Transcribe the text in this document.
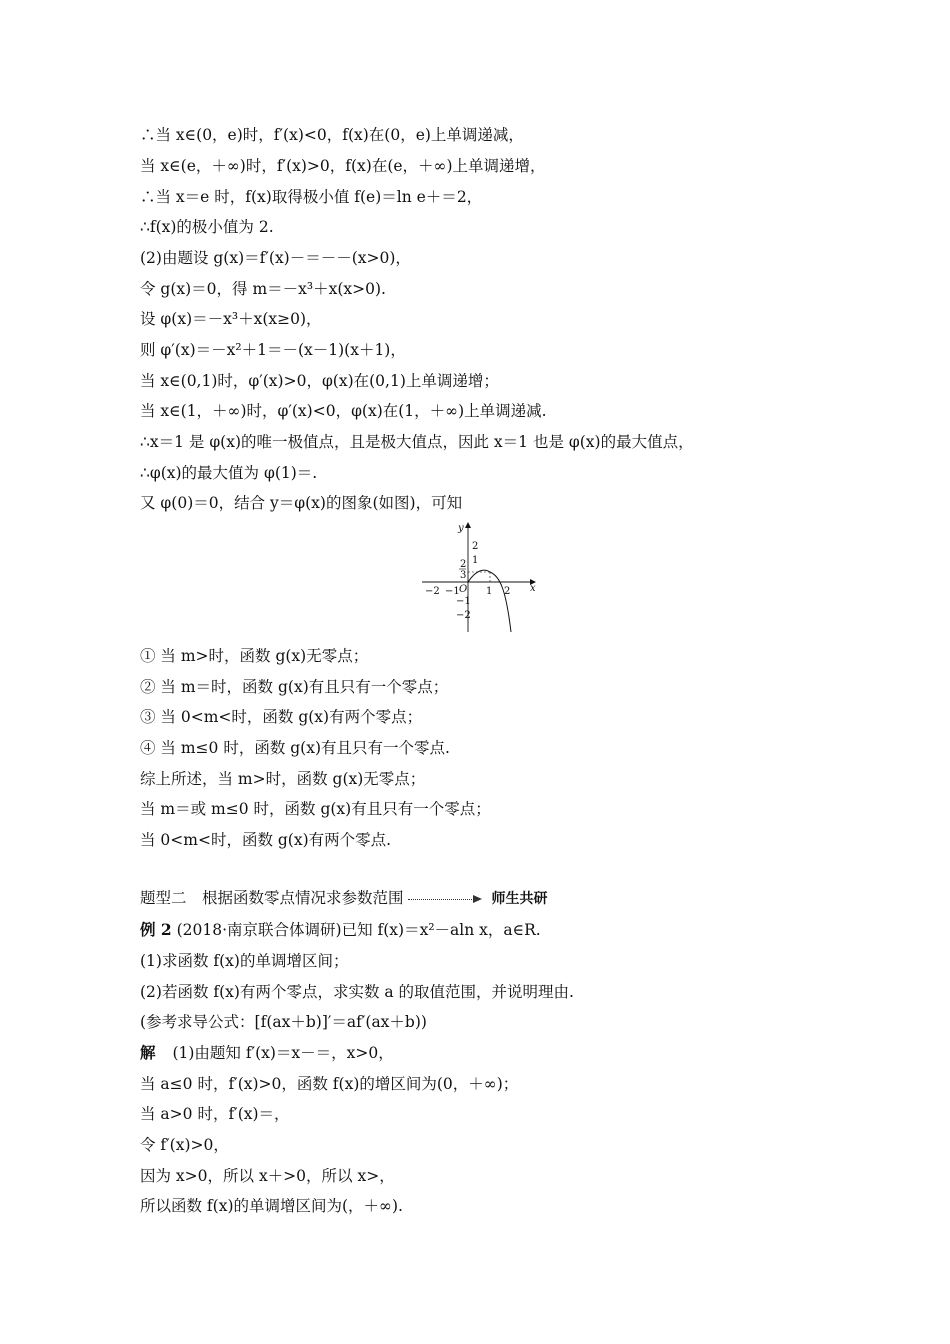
∴当 x∈(0，e)时，f′(x)<0，f(x)在(0，e)上单调递减，
当 x∈(e，＋∞)时，f′(x)>0，f(x)在(e，＋∞)上单调递增，
∴当 x＝e 时，f(x)取得极小值 f(e)＝ln e＋＝2，
∴f(x)的极小值为 2.
(2)由题设 g(x)＝f′(x)－＝－－(x>0)，
令 g(x)＝0，得 m＝－x³＋x(x>0).
设 φ(x)＝－x³＋x(x≥0)，
则 φ′(x)＝－x²＋1＝－(x－1)(x＋1)，
当 x∈(0,1)时，φ′(x)>0，φ(x)在(0,1)上单调递增；
当 x∈(1，＋∞)时，φ′(x)<0，φ(x)在(1，＋∞)上单调递减.
∴x＝1 是 φ(x)的唯一极值点，且是极大值点，因此 x＝1 也是 φ(x)的最大值点，
∴φ(x)的最大值为 φ(1)＝.
又 φ(0)＝0，结合 y＝φ(x)的图象(如图)，可知
y
x
O
−2 −1	1 2
2
1
−1
−2
2
3
① 当 m>时，函数 g(x)无零点；
② 当 m＝时，函数 g(x)有且只有一个零点；
③ 当 0<m<时，函数 g(x)有两个零点；
④ 当 m≤0 时，函数 g(x)有且只有一个零点.
综上所述，当 m>时，函数 g(x)无零点；
当 m＝或 m≤0 时，函数 g(x)有且只有一个零点；
当 0<m<时，函数 g(x)有两个零点.
题型二　根据函数零点情况求参数范围	师生共研
例 2 (2018·南京联合体调研)已知 f(x)＝x²－aln x，a∈R.
(1)求函数 f(x)的单调增区间；
(2)若函数 f(x)有两个零点，求实数 a 的取值范围，并说明理由.
(参考求导公式：[f(ax＋b)]′＝af′(ax＋b))
解 (1)由题知 f′(x)＝x－＝，x>0，
当 a≤0 时，f′(x)>0，函数 f(x)的增区间为(0，＋∞)；
当 a>0 时，f′(x)＝，
令 f′(x)>0，
因为 x>0，所以 x＋>0，所以 x>，
所以函数 f(x)的单调增区间为(，＋∞).
